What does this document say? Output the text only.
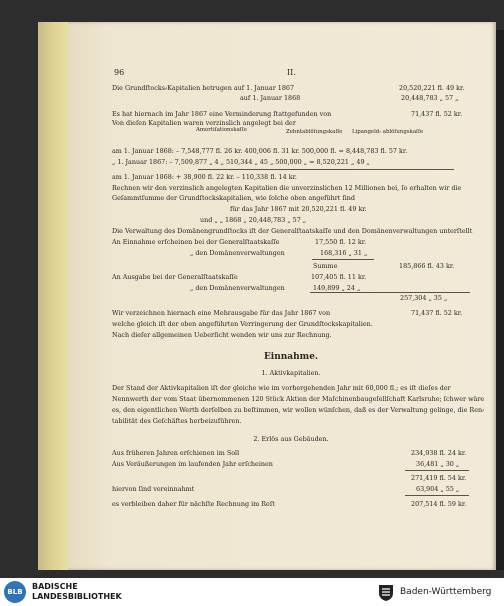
96	II.
Die Grundſtocks⸗Kapitalien betrugen auf 1. Januar 1867	20,520,221 fl. 49 kr.
auf 1. Januar 1868	20,448,783 „ 57 „
Es hat hiernach im Jahr 1867 eine Verminderung ſtattgefunden von	71,437 fl. 52 kr.
Von dieſen Kapitalien waren verzinslich angelegt bei der
Amortiſationskaſſe	Zehntablöſungskaſſe Lipangeld⸗ ablöſungskaſſe
am 1. Januar 1868: – 7,548,777 fl. 26 kr. 400,006 fl. 31 kr. 500,000 fl. = 8,448,783 fl. 57 kr.
„ 1. Januar 1867: – 7,509,877 „ 4 „ 510,344 „ 45 „ 500,000 „ = 8,520,221 „ 49 „
am 1. Januar 1868: + 38,900 fl. 22 kr. – 110,338 fl. 14 kr.
Rechnen wir den verzinslich angelegten Kapitalien die unverzinslichen 12 Millionen bei, ſo erhalten wir die
Geſammtſumme der Grundſtockskapitalien, wie ſolche oben angeführt ſind
für das Jahr 1867 mit 20,520,221 fl. 49 kr.
und „ „ 1868 „ 20,448,783 „ 57 „
Die Verwaltung des Domänengrundſtocks iſt der Generalſtaatskaſſe und den Domänenverwaltungen unterſtellt
An Einnahme erſcheinen bei der Generalſtaatskaſſe	17,550 fl. 12 kr.
„ den Domänenverwaltungen	168,316 „ 31 „
Summe	185,866 fl. 43 kr.
An Ausgabe bei der Generalſtaatskaſſe	107,405 fl. 11 kr.
„ den Domänenverwaltungen	149,899 „ 24 „
257,304 „ 35 „
Wir verzeichnen hiernach eine Mehrausgabe für das Jahr 1867 von	71,437 fl. 52 kr.
welche gleich iſt der oben angeführten Verringerung der Grundſtockskapitalien.
Nach dieſer allgemeinen Ueberſicht wenden wir uns zur Rechnung.
Einnahme.
1. Aktivkapitalien.
Der Stand der Aktivkapitalien iſt der gleiche wie im vorhergehenden Jahr mit 60,000 fl.; es iſt dieſes der
Nennwerth der vom Staat übernommenen 120 Stück Aktien der Maſchinenbaugeſellſchaft Karlsruhe; ſchwer wäre
es, den eigentlichen Werth derſelben zu beſtimmen, wir wollen wünſchen, daß es der Verwaltung gelinge, die Ren⸗
tabilität des Geſchäftes herbeizuführen.
2. Erlös aus Gebäuden.
Aus früheren Jahren erſchienen im Soll	234,938 fl. 24 kr.
Aus Veräußerungen im laufenden Jahr erſcheinen	36,481 „ 30 „
271,419 fl. 54 kr.
hiervon ſind vereinnahmt	63,904 „ 55 „
es verbleiben daher für nächſte Rechnung im Reſt	207,514 fl. 59 kr.
BLB
BADISCHE
LANDESBIBLIOTHEK	Baden-Württemberg
